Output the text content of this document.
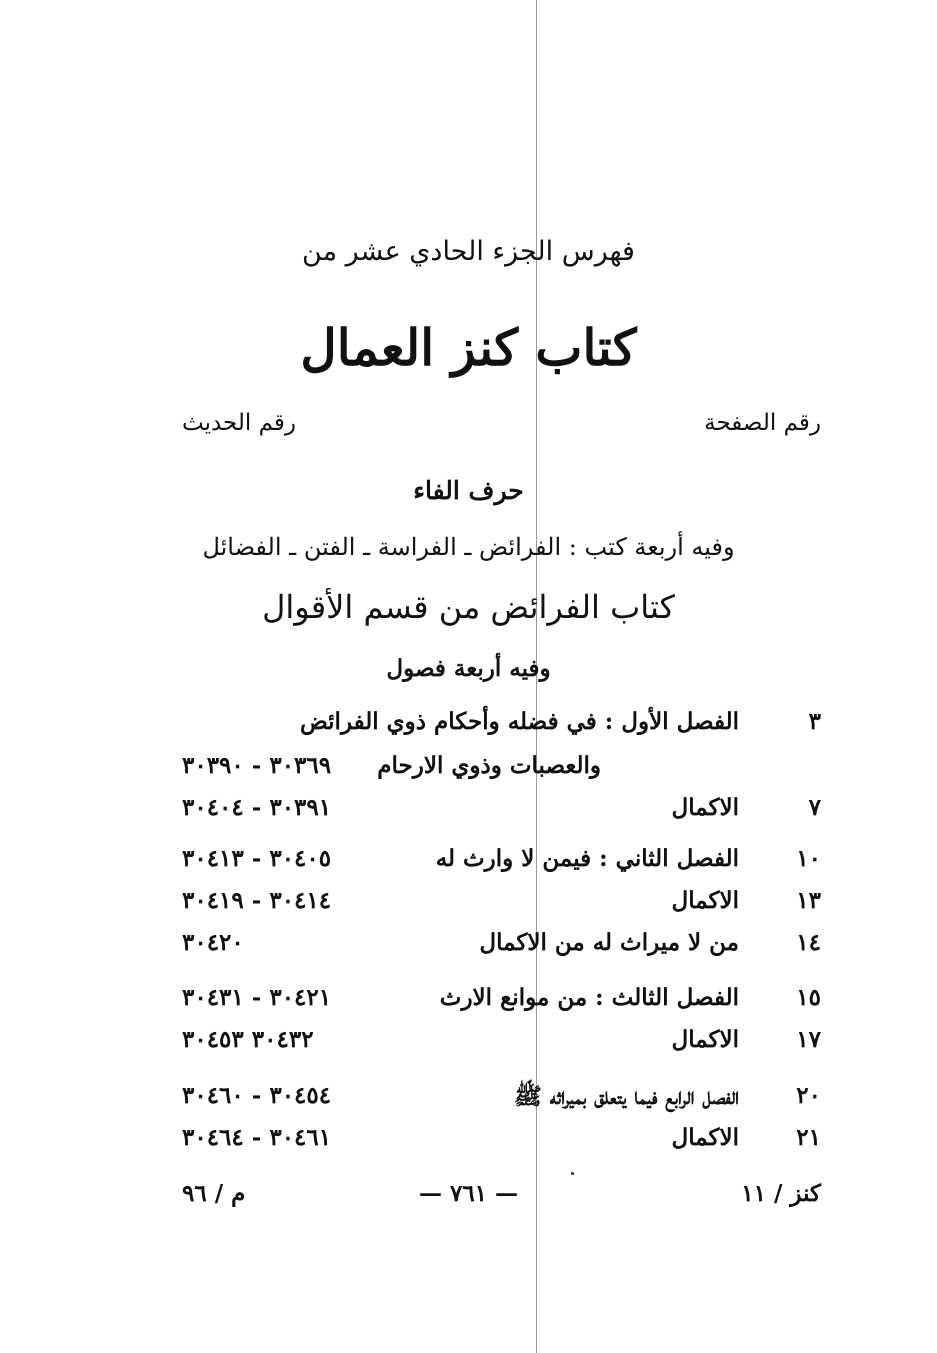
فهرس الجزء الحادي عشر من
كتاب كنز العمال
رقم الصفحة
رقم الحديث
حرف الفاء
وفيه أربعة كتب : الفرائض ـ الفراسة ـ الفتن ـ الفضائل
كتاب الفرائض من قسم الأقوال
وفيه أربعة فصول
٣
الفصل الأول : في فضله وأحكام ذوي الفرائض
والعصبات وذوي الارحام
٣٠٣٦٩ - ٣٠٣٩٠
٧
الاكمال
٣٠٣٩١ - ٣٠٤٠٤
١٠
الفصل الثاني : فيمن لا وارث له
٣٠٤٠٥ - ٣٠٤١٣
١٣
الاكمال
٣٠٤١٤ - ٣٠٤١٩
١٤
من لا ميراث له من الاكمال
٣٠٤٢٠
١٥
الفصل الثالث : من موانع الارث
٣٠٤٢١ - ٣٠٤٣١
١٧
الاكمال
٣٠٤٣٢ ٣٠٤٥٣
٢٠
الفصل الرابع فيما يتعلق بميراثه ﷺ
٣٠٤٥٤ - ٣٠٤٦٠
٢١
الاكمال
٣٠٤٦١ - ٣٠٤٦٤
كنز / ١١
— ٧٦١ —
م / ٩٦
